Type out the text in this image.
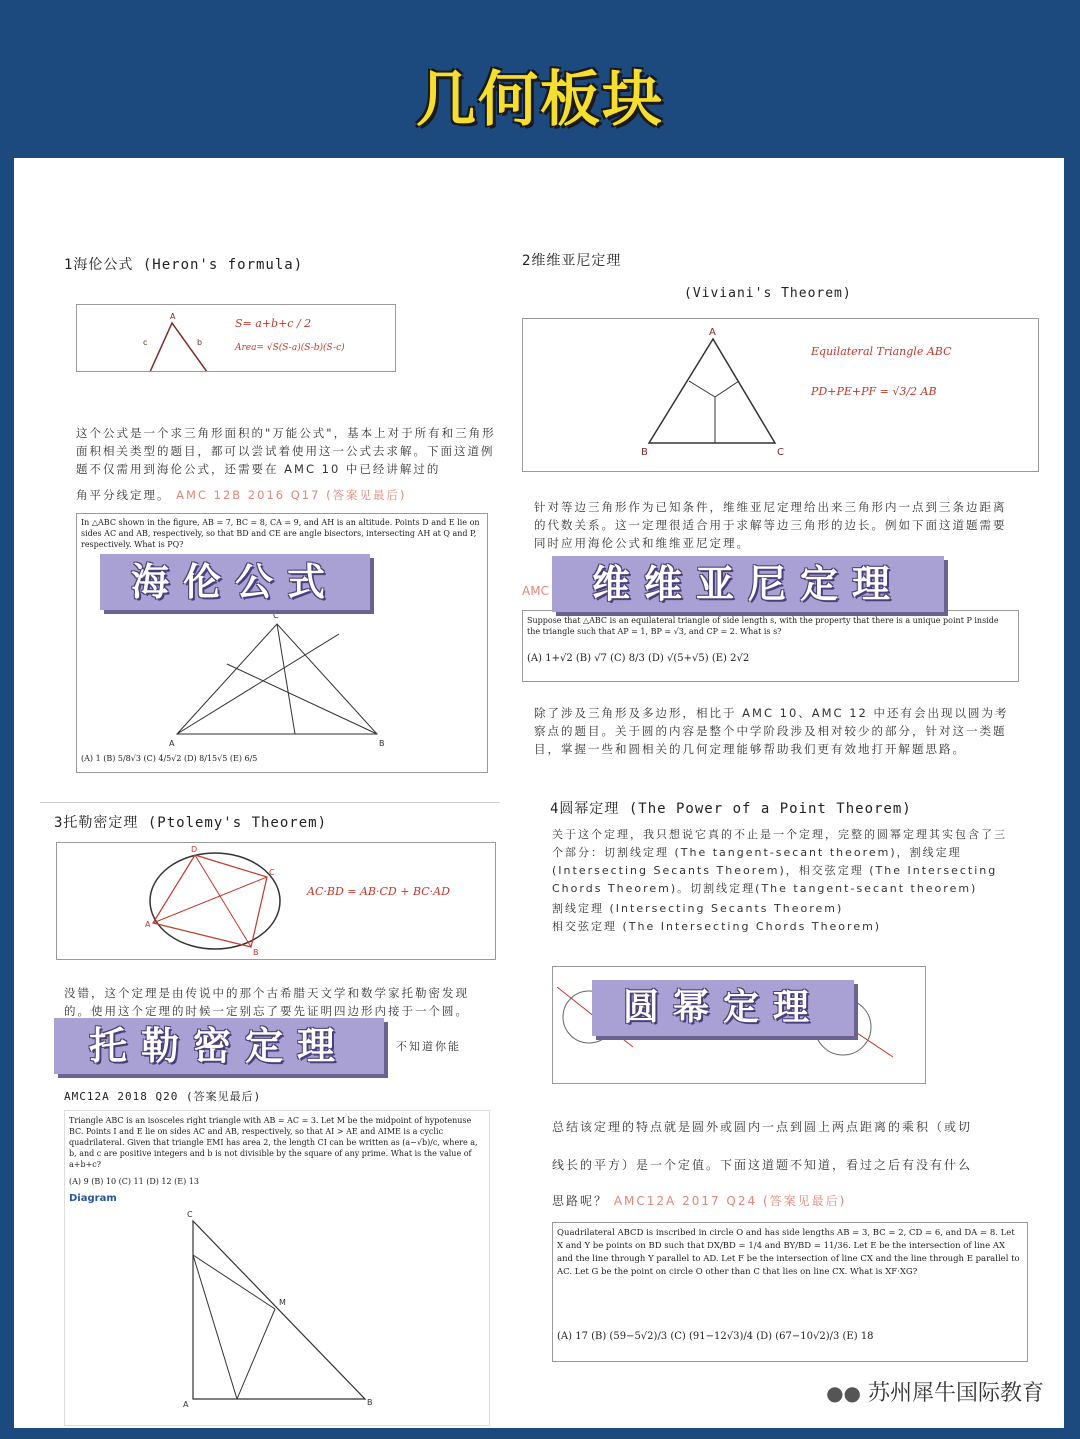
几何板块
1海伦公式 (Heron's formula)
A
c	b
S= a+b+c / 2
Area= √S(S-a)(S-b)(S-c)
这个公式是一个求三角形面积的"万能公式"，基本上对于所有和三角形面积相关类型的题目，都可以尝试着使用这一公式去求解。下面这道例题不仅需用到海伦公式，还需要在 AMC 10 中已经讲解过的
角平分线定理。 AMC 12B 2016 Q17 (答案见最后)
In △ABC shown in the figure, AB = 7, BC = 8, CA = 9, and AH is an altitude. Points D and E lie on sides AC and AB, respectively, so that BD and CE are angle bisectors, intersecting AH at Q and P, respectively. What is PQ?
A	B
C
(A) 1 (B) 5/8√3 (C) 4/5√2 (D) 8/15√5 (E) 6/5
海伦公式
2维维亚尼定理
(Viviani's Theorem)
A
B	C
Equilateral Triangle ABC
PD+PE+PF = √3/2 AB
针对等边三角形作为已知条件，维维亚尼定理给出来三角形内一点到三条边距离的代数关系。这一定理很适合用于求解等边三角形的边长。例如下面这道题需要同时应用海伦公式和维维亚尼定理。
AMC
Suppose that △ABC is an equilateral triangle of side length s, with the property that there is a unique point P inside the triangle such that AP = 1, BP = √3, and CP = 2. What is s?
(A) 1+√2 (B) √7 (C) 8/3 (D) √(5+√5) (E) 2√2
维维亚尼定理
除了涉及三角形及多边形，相比于 AMC 10、AMC 12 中还有会出现以圆为考察点的题目。关于圆的内容是整个中学阶段涉及相对较少的部分，针对这一类题目，掌握一些和圆相关的几何定理能够帮助我们更有效地打开解题思路。
3托勒密定理 (Ptolemy's Theorem)
D
C
B
A
AC·BD = AB·CD + BC·AD
没错，这个定理是由传说中的那个古希腊天文学和数学家托勒密发现的。使用这个定理的时候一定别忘了要先证明四边形内接于一个圆。
托勒密定理	不知道你能
AMC12A 2018 Q20 (答案见最后)
Triangle ABC is an isosceles right triangle with AB = AC = 3. Let M be the midpoint of hypotenuse BC. Points I and E lie on sides AC and AB, respectively, so that AI > AE and AIME is a cyclic quadrilateral. Given that triangle EMI has area 2, the length CI can be written as (a−√b)/c, where a, b, and c are positive integers and b is not divisible by the square of any prime. What is the value of a+b+c?
(A) 9 (B) 10 (C) 11 (D) 12 (E) 13
Diagram
C
A	B
M
4圆幂定理 (The Power of a Point Theorem)
关于这个定理，我只想说它真的不止是一个定理，完整的圆幂定理其实包含了三个部分：切割线定理 (The tangent-secant theorem)，割线定理 (Intersecting Secants Theorem)，相交弦定理 (The Intersecting Chords Theorem)。切割线定理(The tangent-secant theorem)
割线定理 (Intersecting Secants Theorem)
相交弦定理 (The Intersecting Chords Theorem)
圆幂定理
总结该定理的特点就是圆外或圆内一点到圆上两点距离的乘积（或切
线长的平方）是一个定值。下面这道题不知道，看过之后有没有什么
思路呢？ AMC12A 2017 Q24 (答案见最后)
Quadrilateral ABCD is inscribed in circle O and has side lengths AB = 3, BC = 2, CD = 6, and DA = 8. Let X and Y be points on BD such that DX/BD = 1/4 and BY/BD = 11/36. Let E be the intersection of line AX and the line through Y parallel to AD. Let F be the intersection of line CX and the line through E parallel to AC. Let G be the point on circle O other than C that lies on line CX. What is XF·XG?
(A) 17 (B) (59−5√2)/3 (C) (91−12√3)/4 (D) (67−10√2)/3 (E) 18
●● 苏州犀牛国际教育
